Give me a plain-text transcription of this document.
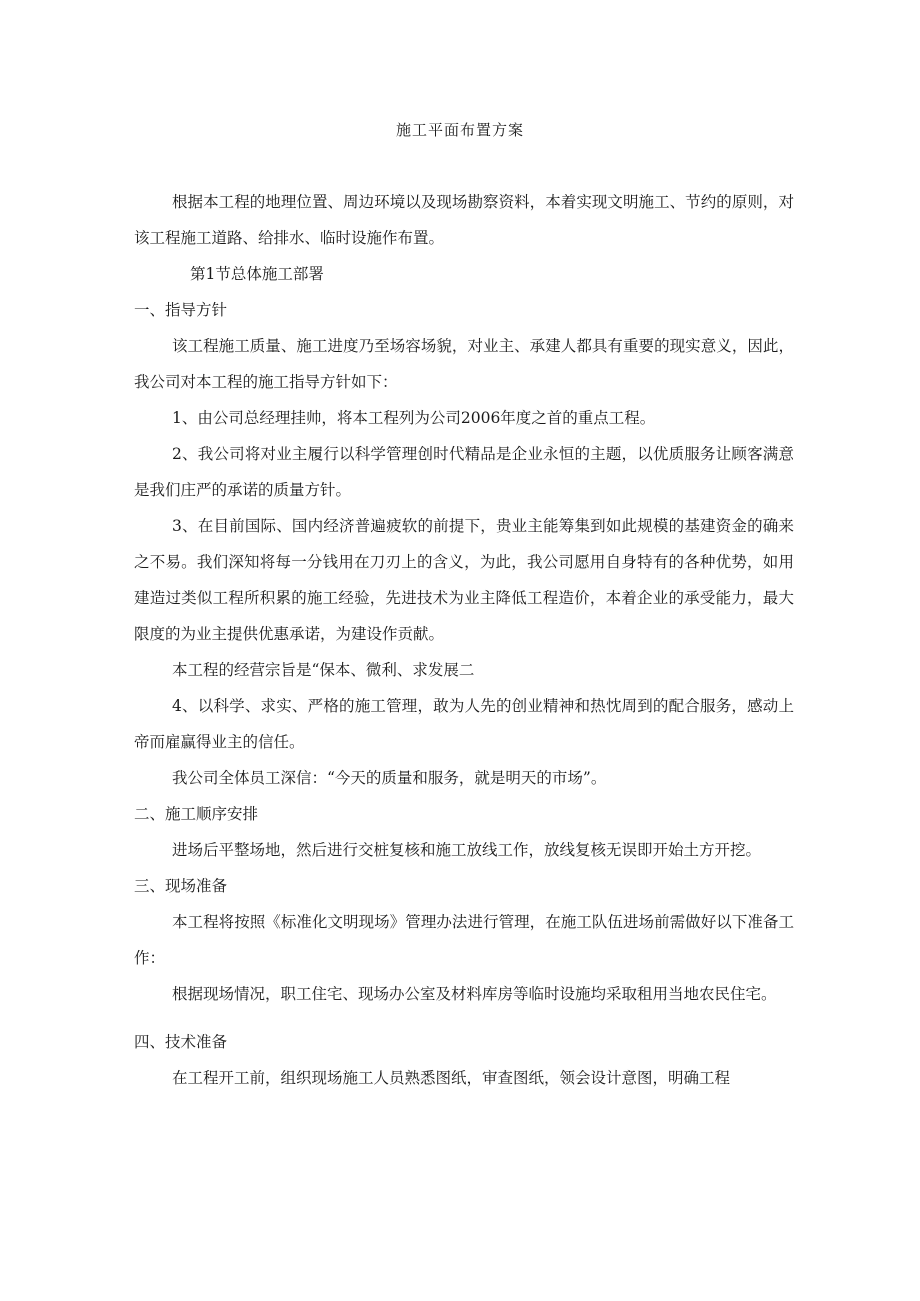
施工平面布置方案

根据本工程的地理位置、周边环境以及现场勘察资料，本着实现文明施工、节约的原则，对该工程施工道路、给排水、临时设施作布置。

第1节总体施工部署

一、指导方针

该工程施工质量、施工进度乃至场容场貌，对业主、承建人都具有重要的现实意义，因此，我公司对本工程的施工指导方针如下：

1、由公司总经理挂帅，将本工程列为公司2006年度之首的重点工程。

2、我公司将对业主履行以科学管理创时代精品是企业永恒的主题，以优质服务让顾客满意是我们庄严的承诺的质量方针。

3、在目前国际、国内经济普遍疲软的前提下，贵业主能筹集到如此规模的基建资金的确来之不易。我们深知将每一分钱用在刀刃上的含义，为此，我公司愿用自身特有的各种优势，如用建造过类似工程所积累的施工经验，先进技术为业主降低工程造价，本着企业的承受能力，最大限度的为业主提供优惠承诺，为建设作贡献。

本工程的经营宗旨是“保本、微利、求发展二

4、以科学、求实、严格的施工管理，敢为人先的创业精神和热忱周到的配合服务，感动上帝而雇赢得业主的信任。

我公司全体员工深信：“今天的质量和服务，就是明天的市场”。

二、施工顺序安排

进场后平整场地，然后进行交桩复核和施工放线工作，放线复核无误即开始土方开挖。

三、现场准备

本工程将按照《标准化文明现场》管理办法进行管理，在施工队伍进场前需做好以下准备工作：

根据现场情况，职工住宅、现场办公室及材料库房等临时设施均采取租用当地农民住宅。

四、技术准备

在工程开工前，组织现场施工人员熟悉图纸，审查图纸，领会设计意图，明确工程
